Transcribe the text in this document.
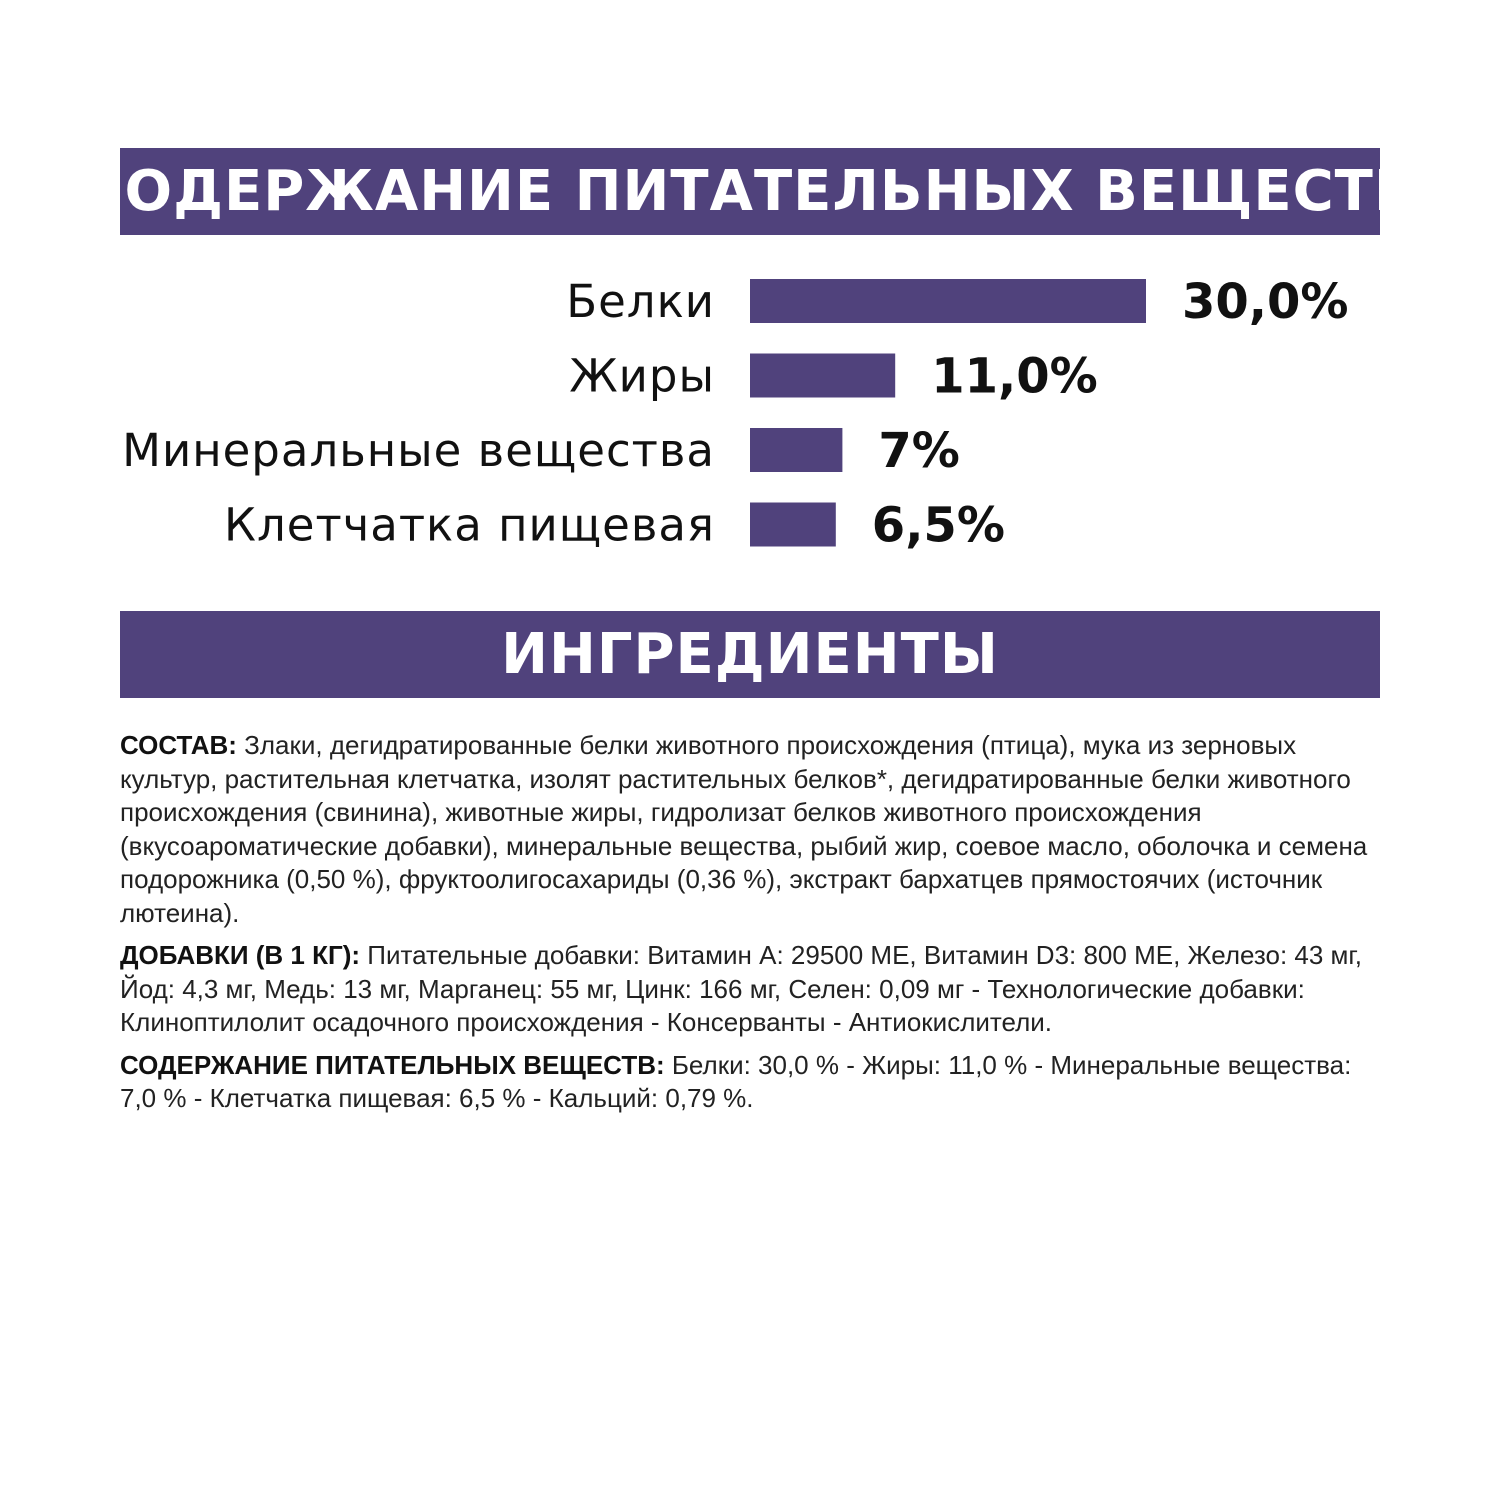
СОДЕРЖАНИЕ ПИТАТЕЛЬНЫХ ВЕЩЕСТВ
Белки	30,0%
Жиры	11,0%
Минеральные вещества	7%
Клетчатка пищевая	6,5%
ИНГРЕДИЕНТЫ

СОСТАВ: Злаки, дегидратированные белки животного происхождения (птица), мука из зерновых культур, растительная клетчатка, изолят растительных белков*, дегидратированные белки животного происхождения (свинина), животные жиры, гидролизат белков животного происхождения (вкусоароматические добавки), минеральные вещества, рыбий жир, соевое масло, оболочка и семена подорожника (0,50 %), фруктоолигосахариды (0,36 %), экстракт бархатцев прямостоячих (источник лютеина).

ДОБАВКИ (В 1 КГ): Питательные добавки: Витамин А: 29500 МЕ, Витамин D3: 800 МЕ, Железо: 43 мг, Йод: 4,3 мг, Медь: 13 мг, Марганец: 55 мг, Цинк: 166 мг, Селен: 0,09 мг - Технологические добавки: Клиноптилолит осадочного происхождения - Консерванты - Антиокислители.

СОДЕРЖАНИЕ ПИТАТЕЛЬНЫХ ВЕЩЕСТВ: Белки: 30,0 % - Жиры: 11,0 % - Минеральные вещества: 7,0 % - Клетчатка пищевая: 6,5 % - Кальций: 0,79 %.
